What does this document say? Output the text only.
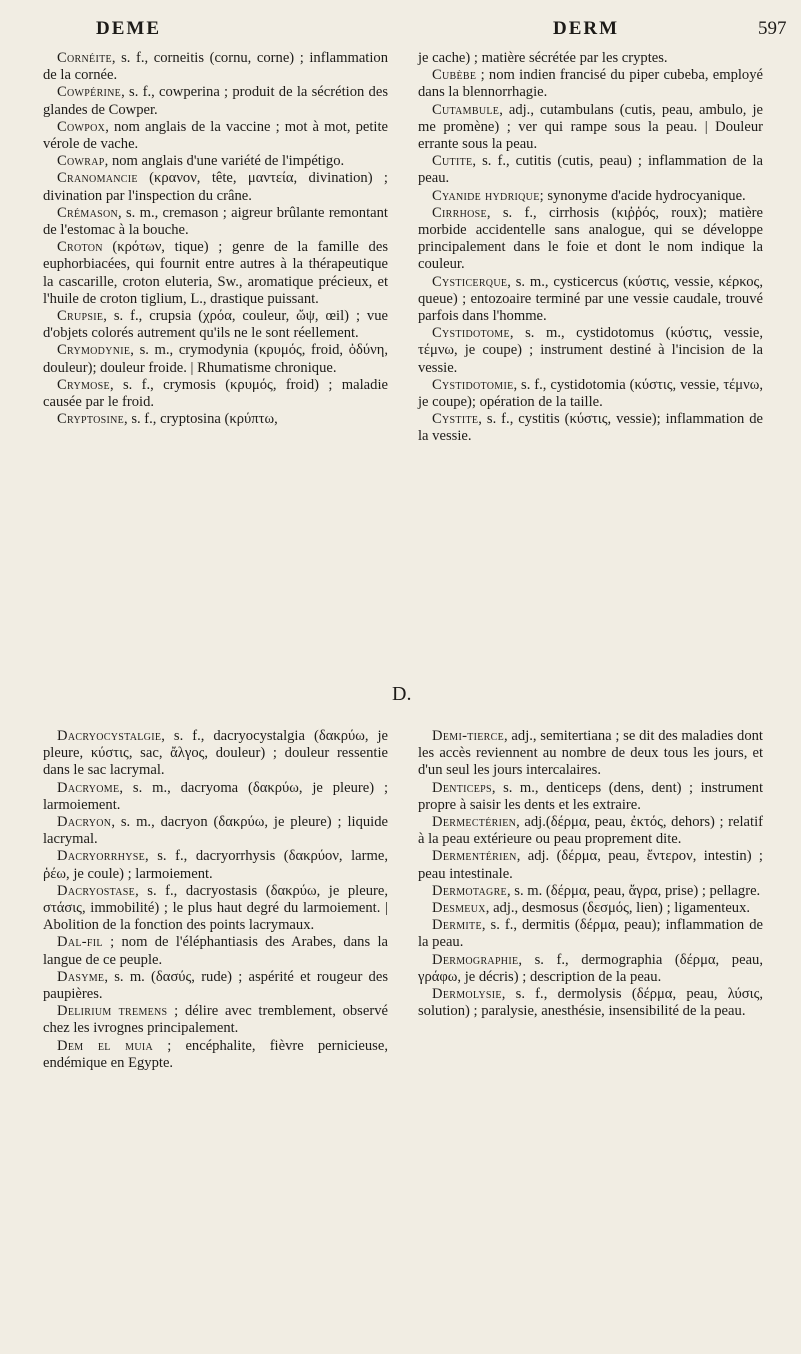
DEME	DERM	597

Cornéite, s. f., corneitis (cornu, corne) ; inflammation de la cornée.

Cowpérine, s. f., cowperina ; produit de la sécrétion des glandes de Cowper.

Cowpox, nom anglais de la vaccine ; mot à mot, petite vérole de vache.

Cowrap, nom anglais d'une variété de l'impétigo.

Cranomancie (κρανον, tête, μαντεία, divination) ; divination par l'inspection du crâne.

Crémason, s. m., cremason ; aigreur brûlante remontant de l'estomac à la bouche.

Croton (κρότων, tique) ; genre de la famille des euphorbiacées, qui fournit entre autres à la thérapeutique la cascarille, croton eluteria, Sw., aromatique précieux, et l'huile de croton tiglium, L., drastique puissant.

Crupsie, s. f., crupsia (χρόα, couleur, ὤψ, œil) ; vue d'objets colorés autrement qu'ils ne le sont réellement.

Crymodynie, s. m., crymodynia (κρυμός, froid, ὀδύνη, douleur); douleur froide. | Rhumatisme chronique.

Crymose, s. f., crymosis (κρυμός, froid) ; maladie causée par le froid.

Cryptosine, s. f., cryptosina (κρύπτω,

je cache) ; matière sécrétée par les cryptes.

Cubèbe ; nom indien francisé du piper cubeba, employé dans la blennorrhagie.

Cutambule, adj., cutambulans (cutis, peau, ambulo, je me promène) ; ver qui rampe sous la peau. | Douleur errante sous la peau.

Cutite, s. f., cutitis (cutis, peau) ; inflammation de la peau.

Cyanide hydrique; synonyme d'acide hydrocyanique.

Cirrhose, s. f., cirrhosis (κιῤῥός, roux); matière morbide accidentelle sans analogue, qui se développe principalement dans le foie et dont le nom indique la couleur.

Cysticerque, s. m., cysticercus (κύστις, vessie, κέρκος, queue) ; entozoaire terminé par une vessie caudale, trouvé parfois dans l'homme.

Cystidotome, s. m., cystidotomus (κύστις, vessie, τέμνω, je coupe) ; instrument destiné à l'incision de la vessie.

Cystidotomie, s. f., cystidotomia (κύστις, vessie, τέμνω, je coupe); opération de la taille.

Cystite, s. f., cystitis (κύστις, vessie); inflammation de la vessie.

D.

Dacryocystalgie, s. f., dacryocystalgia (δακρύω, je pleure, κύστις, sac, ἄλγος, douleur) ; douleur ressentie dans le sac lacrymal.

Dacryome, s. m., dacryoma (δακρύω, je pleure) ; larmoiement.

Dacryon, s. m., dacryon (δακρύω, je pleure) ; liquide lacrymal.

Dacryorrhyse, s. f., dacryorrhysis (δακρύον, larme, ῥέω, je coule) ; larmoiement.

Dacryostase, s. f., dacryostasis (δακρύω, je pleure, στάσις, immobilité) ; le plus haut degré du larmoiement. | Abolition de la fonction des points lacrymaux.

Dal-fil ; nom de l'éléphantiasis des Arabes, dans la langue de ce peuple.

Dasyme, s. m. (δασύς, rude) ; aspérité et rougeur des paupières.

Delirium tremens ; délire avec tremblement, observé chez les ivrognes principalement.

Dem el muia ; encéphalite, fièvre pernicieuse, endémique en Egypte.

Demi-tierce, adj., semitertiana ; se dit des maladies dont les accès reviennent au nombre de deux tous les jours, et d'un seul les jours intercalaires.

Denticeps, s. m., denticeps (dens, dent) ; instrument propre à saisir les dents et les extraire.

Dermectérien, adj.(δέρμα, peau, ἐκτός, dehors) ; relatif à la peau extérieure ou peau proprement dite.

Dermentérien, adj. (δέρμα, peau, ἔντερον, intestin) ; peau intestinale.

Dermotagre, s. m. (δέρμα, peau, ἄγρα, prise) ; pellagre.

Desmeux, adj., desmosus (δεσμός, lien) ; ligamenteux.

Dermite, s. f., dermitis (δέρμα, peau); inflammation de la peau.

Dermographie, s. f., dermographia (δέρμα, peau, γράφω, je décris) ; description de la peau.

Dermolysie, s. f., dermolysis (δέρμα, peau, λύσις, solution) ; paralysie, anesthésie, insensibilité de la peau.
